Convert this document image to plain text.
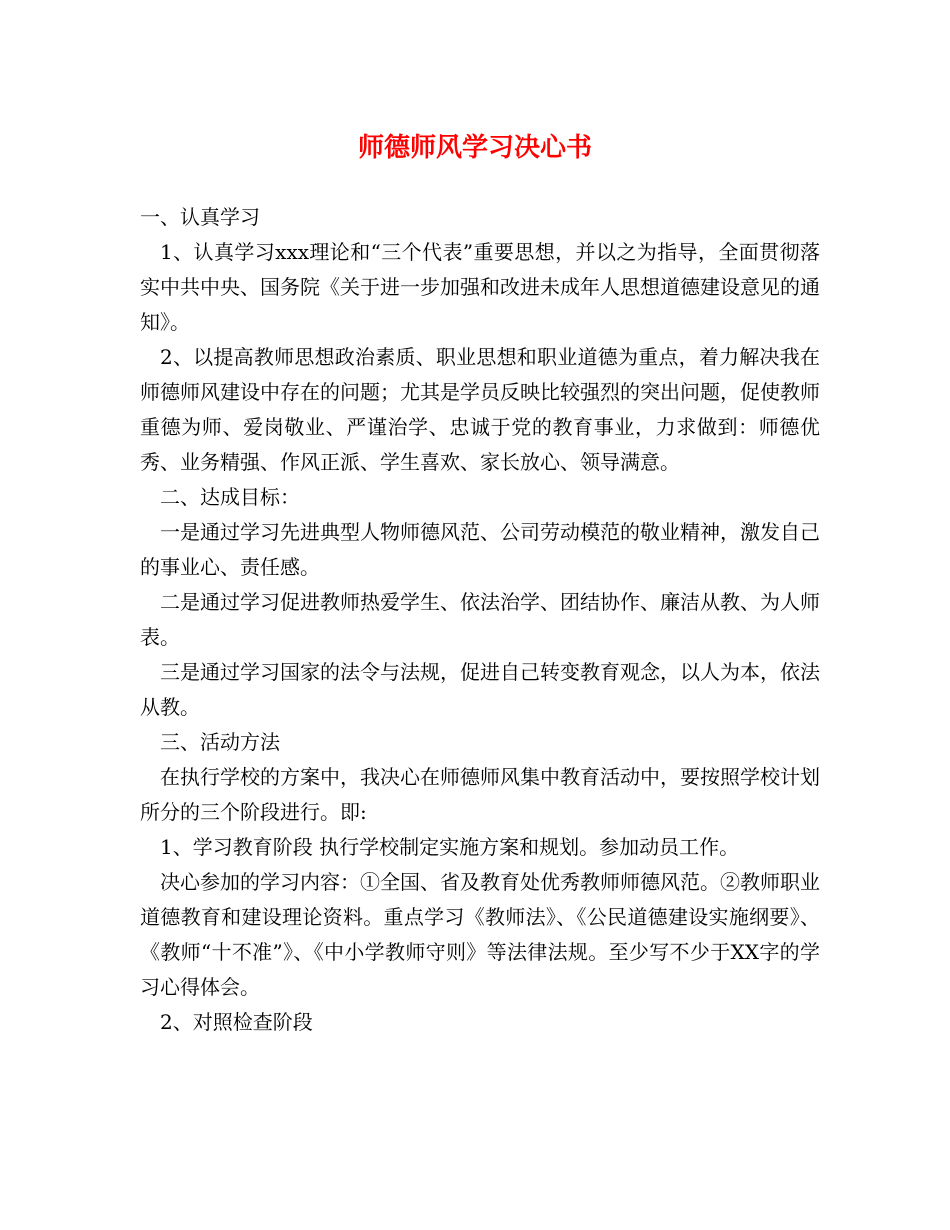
师德师风学习决心书

一、认真学习

1、认真学习xxx理论和“三个代表”重要思想，并以之为指导，全面贯彻落实中共中央、国务院《关于进一步加强和改进未成年人思想道德建设意见的通知》。

2、以提高教师思想政治素质、职业思想和职业道德为重点，着力解决我在师德师风建设中存在的问题；尤其是学员反映比较强烈的突出问题，促使教师重德为师、爱岗敬业、严谨治学、忠诚于党的教育事业，力求做到：师德优秀、业务精强、作风正派、学生喜欢、家长放心、领导满意。

二、达成目标：

一是通过学习先进典型人物师德风范、公司劳动模范的敬业精神，激发自己的事业心、责任感。

二是通过学习促进教师热爱学生、依法治学、团结协作、廉洁从教、为人师表。

三是通过学习国家的法令与法规，促进自己转变教育观念，以人为本，依法从教。

三、活动方法

在执行学校的方案中，我决心在师德师风集中教育活动中，要按照学校计划所分的三个阶段进行。即:

1、学习教育阶段 执行学校制定实施方案和规划。参加动员工作。

决心参加的学习内容：①全国、省及教育处优秀教师师德风范。②教师职业道德教育和建设理论资料。重点学习《教师法》、《公民道德建设实施纲要》、《教师“十不准”》、《中小学教师守则》等法律法规。至少写不少于XX字的学习心得体会。

2、对照检查阶段
